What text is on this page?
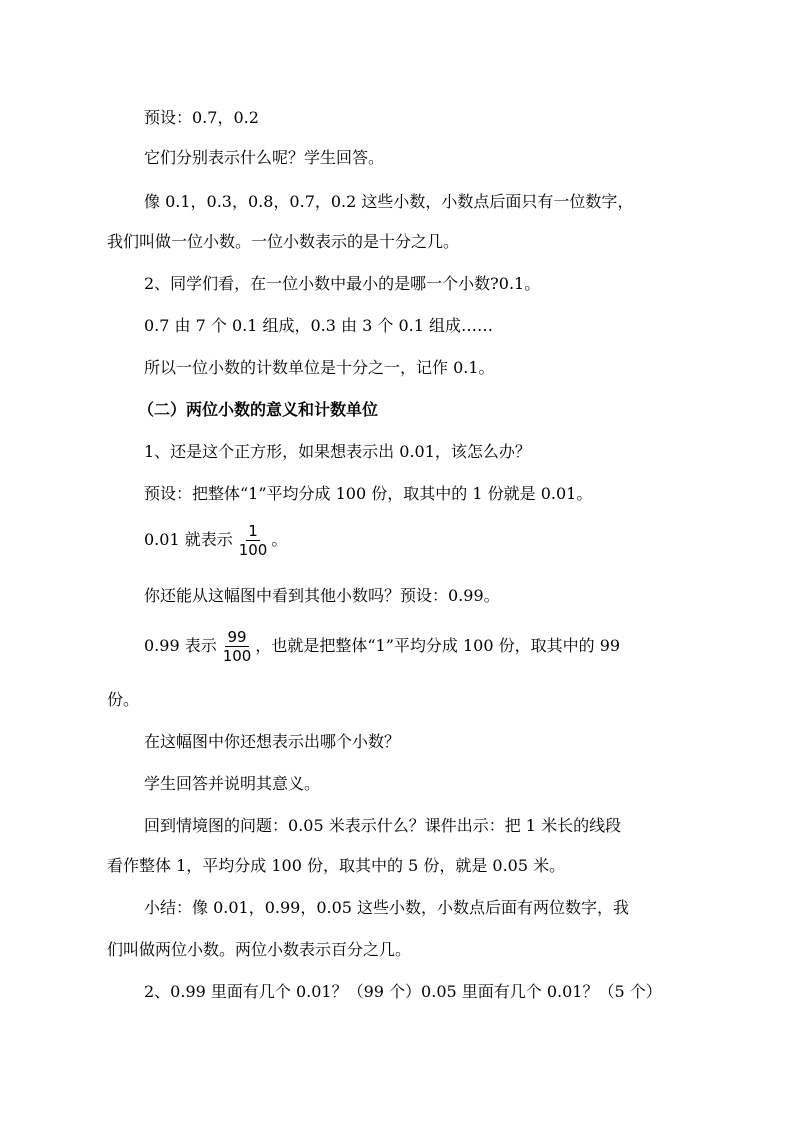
预设：0.7，0.2
它们分别表示什么呢？学生回答。
像 0.1，0.3，0.8，0.7，0.2 这些小数，小数点后面只有一位数字，
我们叫做一位小数。一位小数表示的是十分之几。
2、同学们看，在一位小数中最小的是哪一个小数?0.1。
0.7 由 7 个 0.1 组成，0.3 由 3 个 0.1 组成……
所以一位小数的计数单位是十分之一，记作 0.1。
（二）两位小数的意义和计数单位
1、还是这个正方形，如果想表示出 0.01，该怎么办？
预设：把整体“1”平均分成 100 份，取其中的 1 份就是 0.01。
0.01 就表示 $\frac{1}{100}$ 。
你还能从这幅图中看到其他小数吗？预设：0.99。
0.99 表示 $\frac{99}{100}$ ，也就是把整体“1”平均分成 100 份，取其中的 99
份。
在这幅图中你还想表示出哪个小数？
学生回答并说明其意义。
回到情境图的问题：0.05 米表示什么？课件出示：把 1 米长的线段
看作整体 1，平均分成 100 份，取其中的 5 份，就是 0.05 米。
小结：像 0.01，0.99，0.05 这些小数，小数点后面有两位数字，我
们叫做两位小数。两位小数表示百分之几。
2、0.99 里面有几个 0.01？（99 个）0.05 里面有几个 0.01？（5 个）
